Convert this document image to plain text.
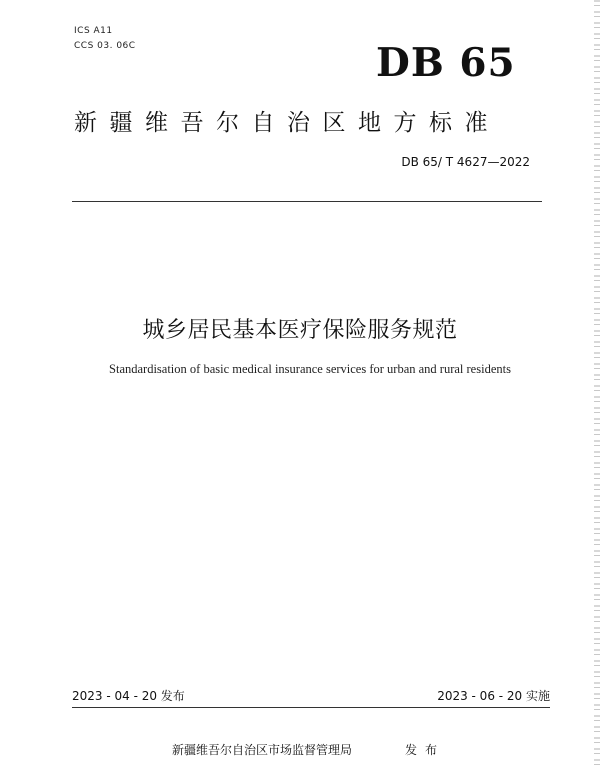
ICS A11
CCS 03. 06C	DB 65
新疆维吾尔自治区地方标准
DB 65/ T 4627—2022
城乡居民基本医疗保险服务规范
Standardisation of basic medical insurance services for urban and rural residents
2023 - 04 - 20 发布	2023 - 06 - 20 实施
新疆维吾尔自治区市场监督管理局	发布
